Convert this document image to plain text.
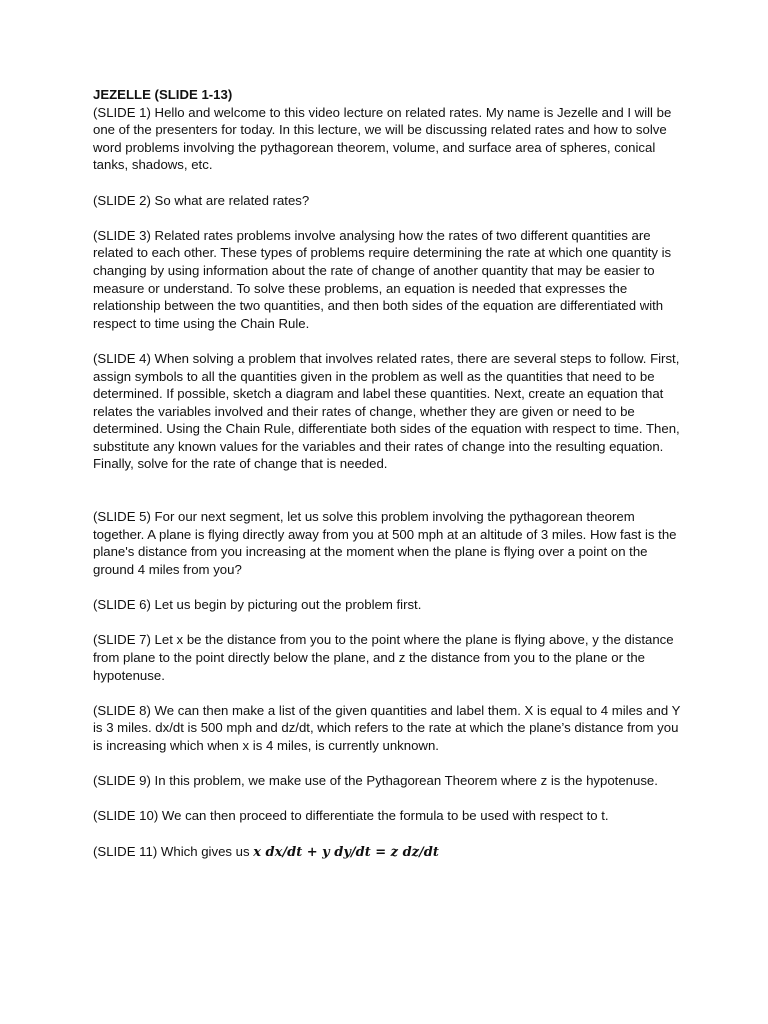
JEZELLE (SLIDE 1-13)

(SLIDE 1) Hello and welcome to this video lecture on related rates. My name is Jezelle and I will be one of the presenters for today. In this lecture, we will be discussing related rates and how to solve word problems involving the pythagorean theorem, volume, and surface area of spheres, conical tanks, shadows, etc.

(SLIDE 2) So what are related rates?

(SLIDE 3) Related rates problems involve analysing how the rates of two different quantities are related to each other. These types of problems require determining the rate at which one quantity is changing by using information about the rate of change of another quantity that may be easier to measure or understand. To solve these problems, an equation is needed that expresses the relationship between the two quantities, and then both sides of the equation are differentiated with respect to time using the Chain Rule.

(SLIDE 4) When solving a problem that involves related rates, there are several steps to follow. First, assign symbols to all the quantities given in the problem as well as the quantities that need to be determined. If possible, sketch a diagram and label these quantities. Next, create an equation that relates the variables involved and their rates of change, whether they are given or need to be determined. Using the Chain Rule, differentiate both sides of the equation with respect to time. Then, substitute any known values for the variables and their rates of change into the resulting equation. Finally, solve for the rate of change that is needed.

(SLIDE 5) For our next segment, let us solve this problem involving the pythagorean theorem together. A plane is flying directly away from you at 500 mph at an altitude of 3 miles. How fast is the plane's distance from you increasing at the moment when the plane is flying over a point on the ground 4 miles from you?

(SLIDE 6) Let us begin by picturing out the problem first.

(SLIDE 7) Let x be the distance from you to the point where the plane is flying above, y the distance from plane to the point directly below the plane, and z the distance from you to the plane or the hypotenuse.

(SLIDE 8) We can then make a list of the given quantities and label them. X is equal to 4 miles and Y is 3 miles. dx/dt is 500 mph and dz/dt, which refers to the rate at which the plane’s distance from you is increasing which when x is 4 miles, is currently unknown.

(SLIDE 9) In this problem, we make use of the Pythagorean Theorem where z is the hypotenuse.

(SLIDE 10) We can then proceed to differentiate the formula to be used with respect to t.

(SLIDE 11) Which gives us 𝒙 𝒅𝒙/𝒅𝒕 + 𝒚 𝒅𝒚/𝒅𝒕 = 𝒛 𝒅𝒛/𝒅t
